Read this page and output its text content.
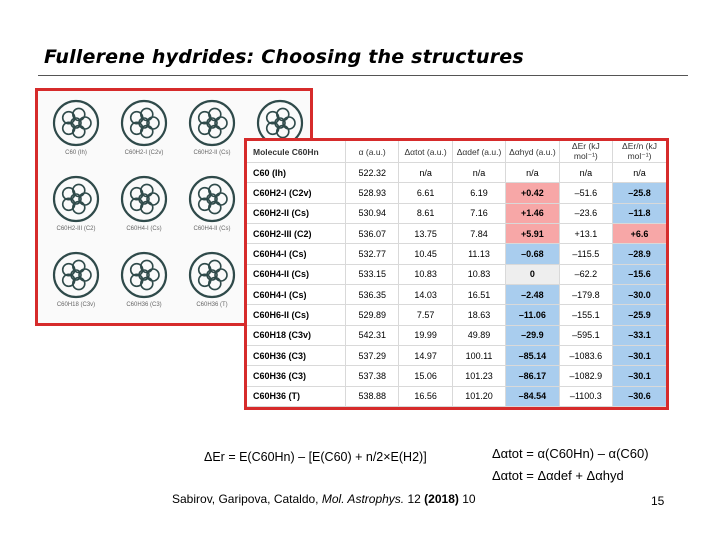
Fullerene hydrides: Choosing the structures
C60 (Ih)	C60H2-I (C2v)	C60H2-II (Cs)
C60H2-III (C2)	C60H4-I (Cs)	C60H4-II (Cs)
C60H18 (C3v)	C60H36 (C3)	C60H36 (T)
Molecule C60Hn	α (a.u.)	Δαtot (a.u.)	Δαdef (a.u.)	Δαhyd (a.u.)	ΔEr (kJ mol⁻¹)	ΔEr/n (kJ mol⁻¹)
C60 (Ih)	522.32	n/a	n/a	n/a	n/a	n/a
C60H2-I (C2v)	528.93	6.61	6.19	+0.42	–51.6	–25.8
C60H2-II (Cs)	530.94	8.61	7.16	+1.46	–23.6	–11.8
C60H2-III (C2)	536.07	13.75	7.84	+5.91	+13.1	+6.6
C60H4-I (Cs)	532.77	10.45	11.13	–0.68	–115.5	–28.9
C60H4-II (Cs)	533.15	10.83	10.83	0	–62.2	–15.6
C60H4-I (Cs)	536.35	14.03	16.51	–2.48	–179.8	–30.0
C60H6-II (Cs)	529.89	7.57	18.63	–11.06	–155.1	–25.9
C60H18 (C3v)	542.31	19.99	49.89	–29.9	–595.1	–33.1
C60H36 (C3)	537.29	14.97	100.11	–85.14	–1083.6	–30.1
C60H36 (C3)	537.38	15.06	101.23	–86.17	–1082.9	–30.1
C60H36 (T)	538.88	16.56	101.20	–84.54	–1100.3	–30.6
ΔEr = E(C60Hn) – [E(C60) + n/2×E(H2)]	Δαtot = α(C60Hn) – α(C60)
Δαtot = Δαdef + Δαhyd
Sabirov, Garipova, Cataldo, Mol. Astrophys. 12 (2018) 10	15
